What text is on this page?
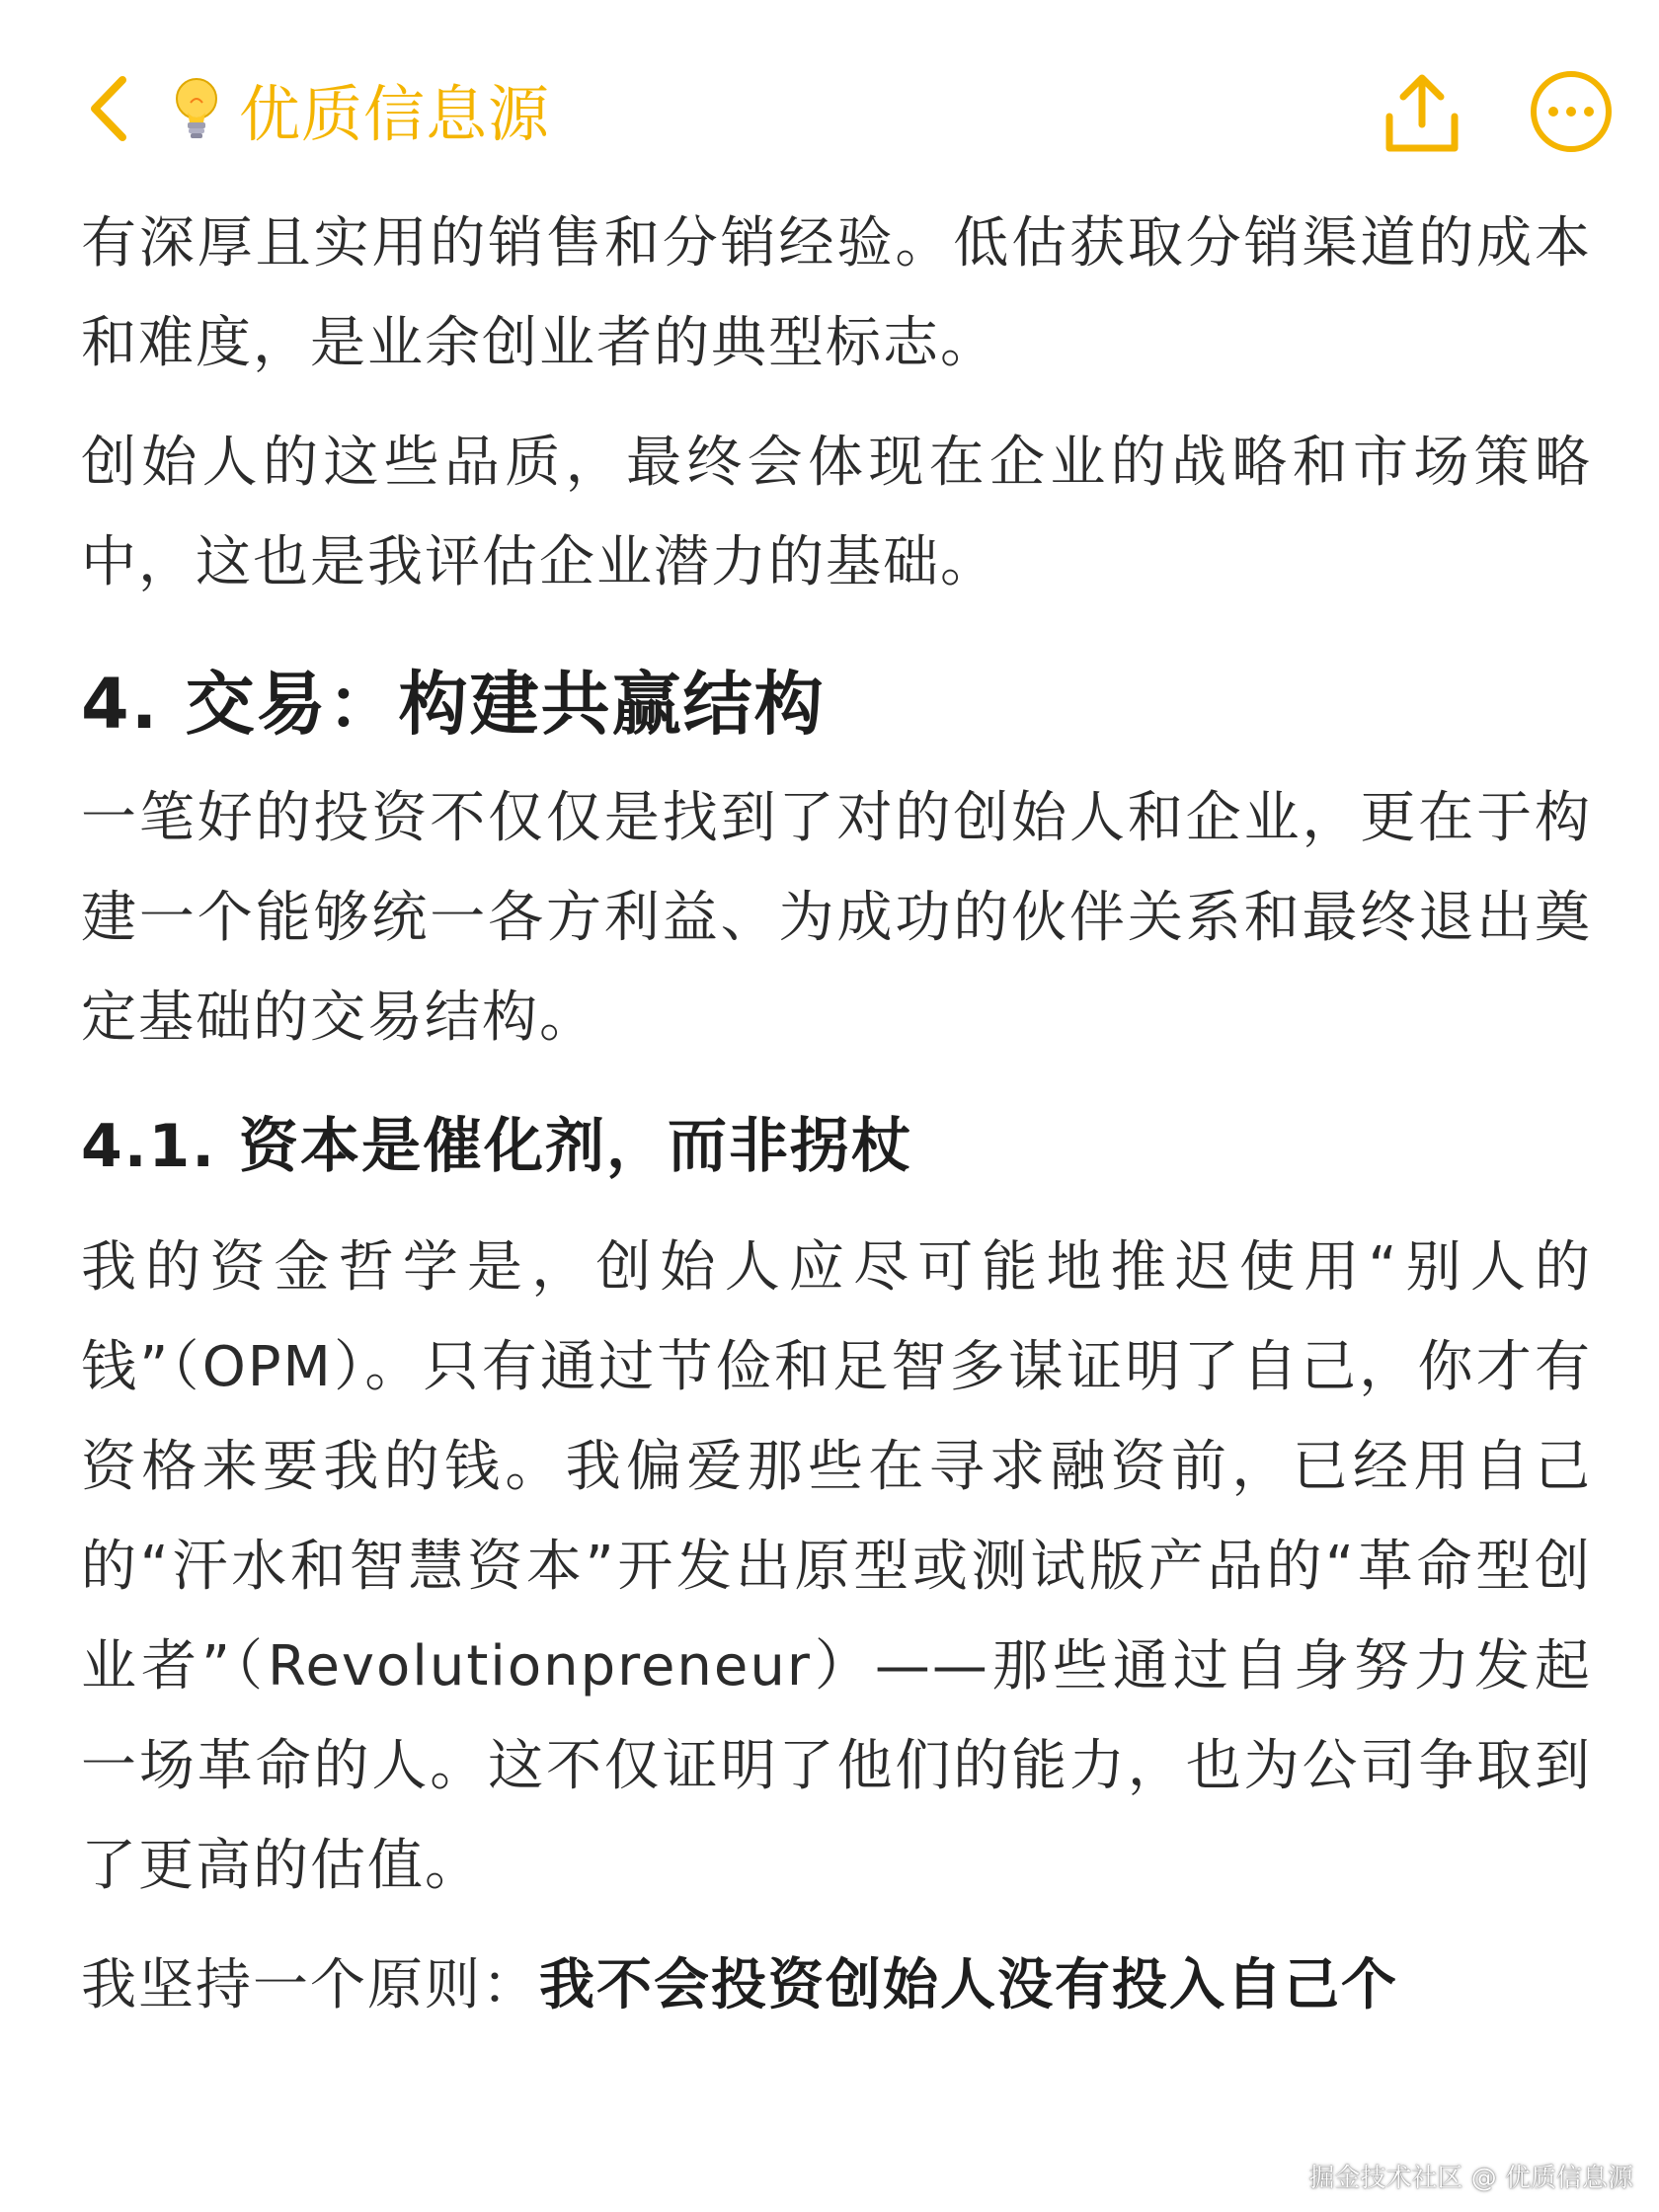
优质信息源

有深厚且实用的销售和分销经验。低估获取分销渠道的成本和难度，是业余创业者的典型标志。

创始人的这些品质，最终会体现在企业的战略和市场策略中，这也是我评估企业潜力的基础。

4. 交易：构建共赢结构

一笔好的投资不仅仅是找到了对的创始人和企业，更在于构建一个能够统一各方利益、为成功的伙伴关系和最终退出奠定基础的交易结构。

4.1. 资本是催化剂，而非拐杖

我的资金哲学是，创始人应尽可能地推迟使用“别人的钱”（OPM）。只有通过节俭和足智多谋证明了自己，你才有资格来要我的钱。我偏爱那些在寻求融资前，已经用自己的“汗水和智慧资本”开发出原型或测试版产品的“革命型创业者”（Revolutionpreneur）——那些通过自身努力发起一场革命的人。这不仅证明了他们的能力，也为公司争取到了更高的估值。

我坚持一个原则：我不会投资创始人没有投入自己个

掘金技术社区 @ 优质信息源
